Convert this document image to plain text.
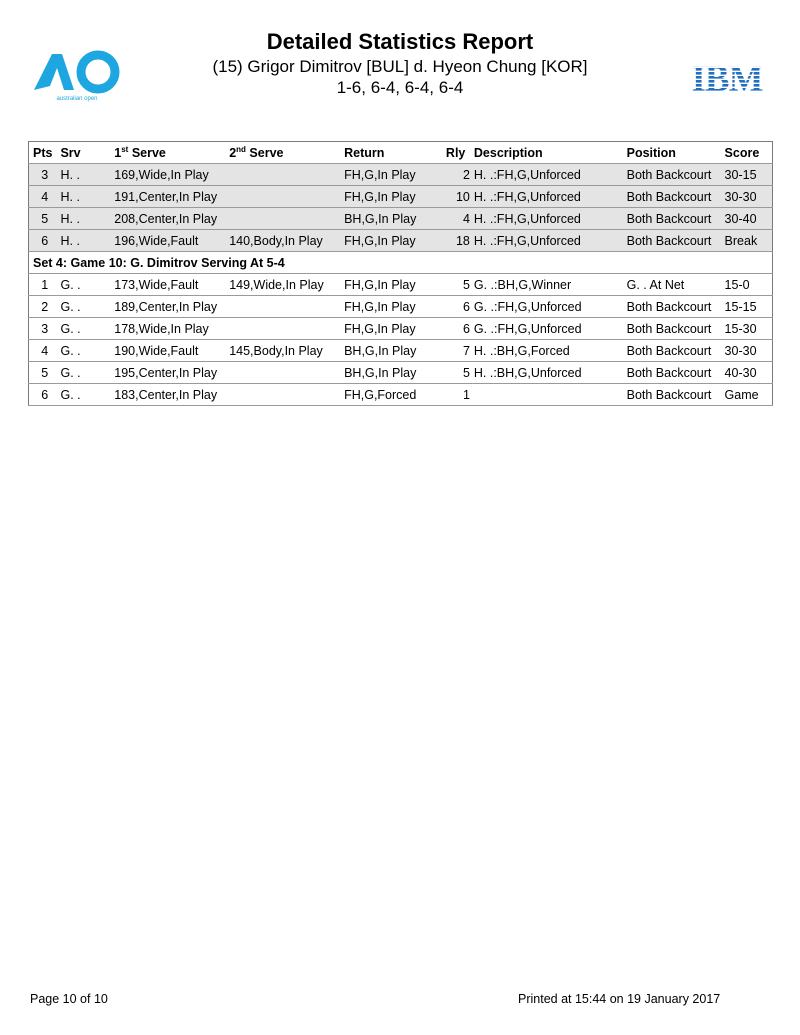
australian open	IBM
Detailed Statistics Report
(15) Grigor Dimitrov [BUL] d. Hyeon Chung [KOR]
1-6, 6-4, 6-4, 6-4
Pts	Srv	1st Serve	2nd Serve	Return	Rly	Description	Position	Score
3	H. .	169,Wide,In Play		FH,G,In Play	2	H. .:FH,G,Unforced	Both Backcourt	30-15
4	H. .	191,Center,In Play		FH,G,In Play	10	H. .:FH,G,Unforced	Both Backcourt	30-30
5	H. .	208,Center,In Play		BH,G,In Play	4	H. .:FH,G,Unforced	Both Backcourt	30-40
6	H. .	196,Wide,Fault	140,Body,In Play	FH,G,In Play	18	H. .:FH,G,Unforced	Both Backcourt	Break
Set 4: Game 10: G. Dimitrov Serving At 5-4								
1	G. .	173,Wide,Fault	149,Wide,In Play	FH,G,In Play	5	G. .:BH,G,Winner	G. . At Net	15-0
2	G. .	189,Center,In Play		FH,G,In Play	6	G. .:FH,G,Unforced	Both Backcourt	15-15
3	G. .	178,Wide,In Play		FH,G,In Play	6	G. .:FH,G,Unforced	Both Backcourt	15-30
4	G. .	190,Wide,Fault	145,Body,In Play	BH,G,In Play	7	H. .:BH,G,Forced	Both Backcourt	30-30
5	G. .	195,Center,In Play		BH,G,In Play	5	H. .:BH,G,Unforced	Both Backcourt	40-30
6	G. .	183,Center,In Play		FH,G,Forced	1		Both Backcourt	Game
Page 10 of 10	Printed at 15:44 on 19 January 2017
